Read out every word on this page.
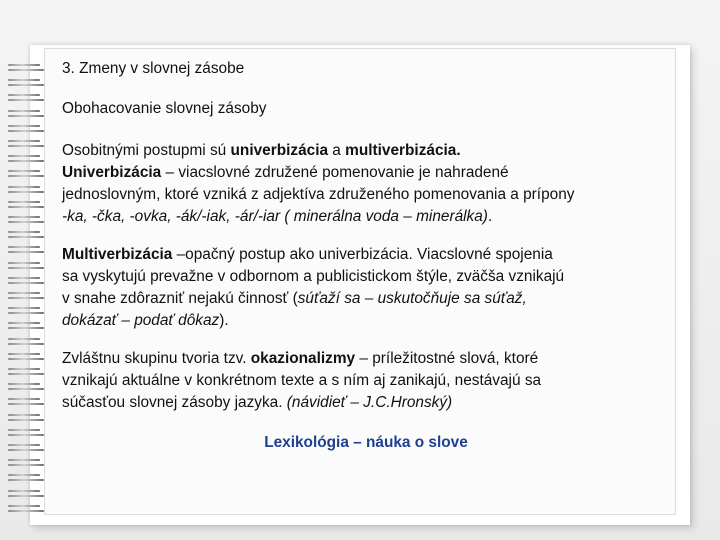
3. Zmeny v slovnej zásobe
Obohacovanie slovnej zásoby
Osobitnými postupmi sú univerbizácia a multiverbizácia.
Univerbizácia – viacslovné združené pomenovanie je nahradené
jednoslovným, ktoré vzniká z adjektíva združeného pomenovania a prípony
-ka, -čka, -ovka, -ák/-iak, -ár/-iar ( minerálna voda – minerálka).
Multiverbizácia –opačný postup ako univerbizácia. Viacslovné spojenia
sa vyskytujú prevažne v odbornom a publicistickom štýle, zväčša vznikajú
v snahe zdôrazniť nejakú činnosť (súťaží sa – uskutočňuje sa súťaž,
dokázať – podať dôkaz).
Zvláštnu skupinu tvoria tzv. okazionalizmy – príležitostné slová, ktoré
vznikajú aktuálne v konkrétnom texte a s ním aj zanikajú, nestávajú sa
súčasťou slovnej zásoby jazyka. (návidieť – J.C.Hronský)
Lexikológia – náuka o slove
